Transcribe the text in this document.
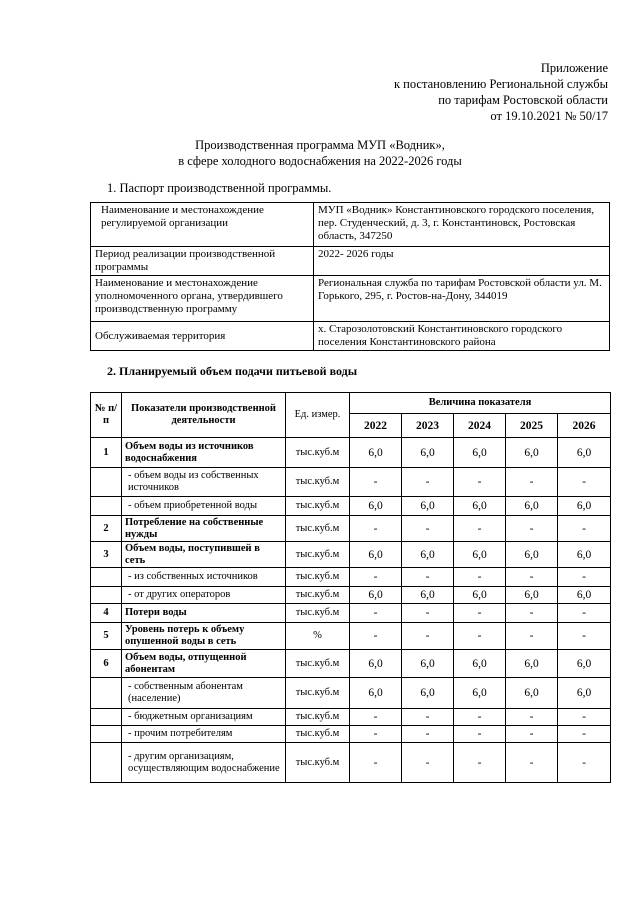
Приложение
к постановлению Региональной службы
по тарифам Ростовской области
от 19.10.2021 № 50/17
Производственная программа МУП «Водник»,
в сфере холодного водоснабжения на 2022-2026 годы
1. Паспорт производственной программы.
Наименование и местонахождение регулируемой организации	МУП «Водник» Константиновского городского поселения, пер. Студенческий, д. 3, г. Константиновск, Ростовская область, 347250
Период реализации производственной программы	2022- 2026 годы
Наименование и местонахождение уполномоченного органа, утвердившего производственную программу	Региональная служба по тарифам Ростовской области ул. М. Горького, 295, г. Ростов-на-Дону, 344019
Обслуживаемая территория	х. Старозолотовский Константиновского городского поселения Константиновского района
2. Планируемый объем подачи питьевой воды
№ п/п	Показатели производственной деятельности	Ед. измер.	Величина показателя				
			2022	2023	2024	2025	2026
1	Объем воды из источников водоснабжения	тыс.куб.м	6,0	6,0	6,0	6,0	6,0
	- объем воды из собственных источников	тыс.куб.м	-	-	-	-	-
	- объем приобретенной воды	тыс.куб.м	6,0	6,0	6,0	6,0	6,0
2	Потребление на собственные нужды	тыс.куб.м	-	-	-	-	-
3	Объем воды, поступившей в сеть	тыс.куб.м	6,0	6,0	6,0	6,0	6,0
	- из собственных источников	тыс.куб.м	-	-	-	-	-
	- от других операторов	тыс.куб.м	6,0	6,0	6,0	6,0	6,0
4	Потери воды	тыс.куб.м	-	-	-	-	-
5	Уровень потерь к объему опушенной воды в сеть	%	-	-	-	-	-
6	Объем воды, отпущенной абонентам	тыс.куб.м	6,0	6,0	6,0	6,0	6,0
	- собственным абонентам (население)	тыс.куб.м	6,0	6,0	6,0	6,0	6,0
	- бюджетным организациям	тыс.куб.м	-	-	-	-	-
	- прочим потребителям	тыс.куб.м	-	-	-	-	-
	- другим организациям, осуществляющим водоснабжение	тыс.куб.м	-	-	-	-	-
